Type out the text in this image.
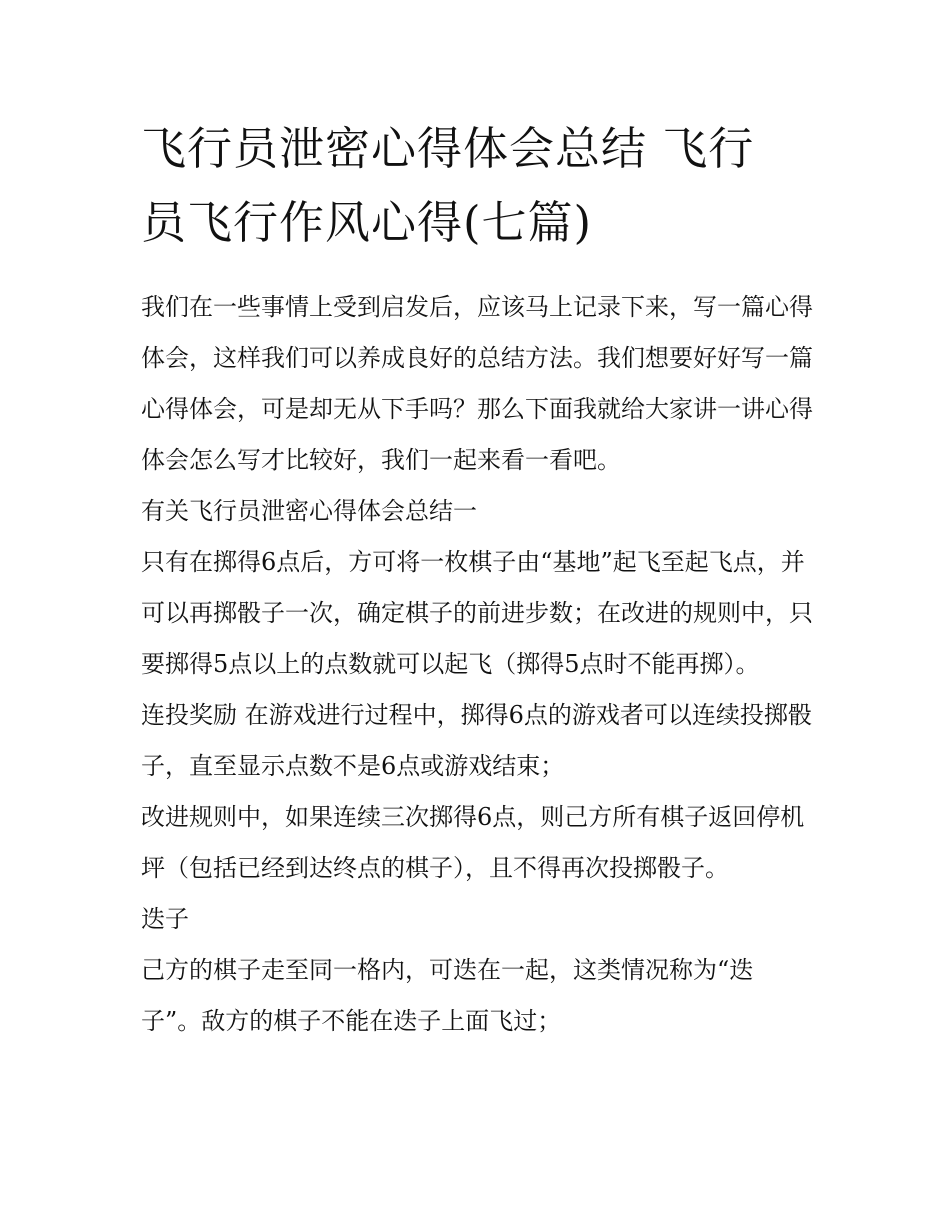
飞行员泄密心得体会总结 飞行
员飞行作风心得(七篇)

我们在一些事情上受到启发后，应该马上记录下来，写一篇心得体会，这样我们可以养成良好的总结方法。我们想要好好写一篇心得体会，可是却无从下手吗？那么下面我就给大家讲一讲心得体会怎么写才比较好，我们一起来看一看吧。

有关飞行员泄密心得体会总结一

只有在掷得6点后，方可将一枚棋子由“基地”起飞至起飞点，并可以再掷骰子一次，确定棋子的前进步数；在改进的规则中，只要掷得5点以上的点数就可以起飞（掷得5点时不能再掷）。

连投奖励 在游戏进行过程中，掷得6点的游戏者可以连续投掷骰子，直至显示点数不是6点或游戏结束；

改进规则中，如果连续三次掷得6点，则己方所有棋子返回停机坪（包括已经到达终点的棋子），且不得再次投掷骰子。

迭子

己方的棋子走至同一格内，可迭在一起，这类情况称为“迭子”。敌方的棋子不能在迭子上面飞过；
